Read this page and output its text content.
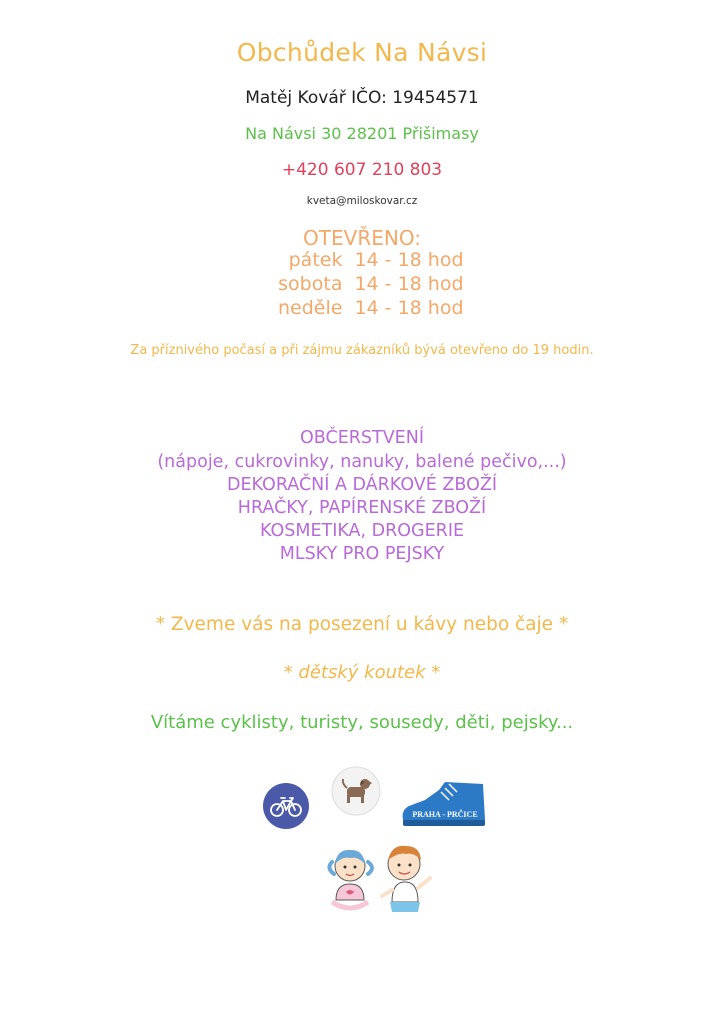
Obchůdek Na Návsi
Matěj Kovář IČO: 19454571
Na Návsi 30 28201 Přišimasy
+420 607 210 803
kveta@miloskovar.cz
OTEVŘENO:
pátek 14 - 18 hod
sobota 14 - 18 hod
neděle 14 - 18 hod
Za příznivého počasí a při zájmu zákazníků bývá otevřeno do 19 hodin.
OBČERSTVENÍ
(nápoje, cukrovinky, nanuky, balené pečivo,...)
DEKORAČNÍ A DÁRKOVÉ ZBOŽÍ
HRAČKY, PAPÍRENSKÉ ZBOŽÍ
KOSMETIKA, DROGERIE
MLSKY PRO PEJSKY
* Zveme vás na posezení u kávy nebo čaje *
* dětský koutek *
Vítáme cyklisty, turisty, sousedy, děti, pejsky...
PRAHA - PRČICE
